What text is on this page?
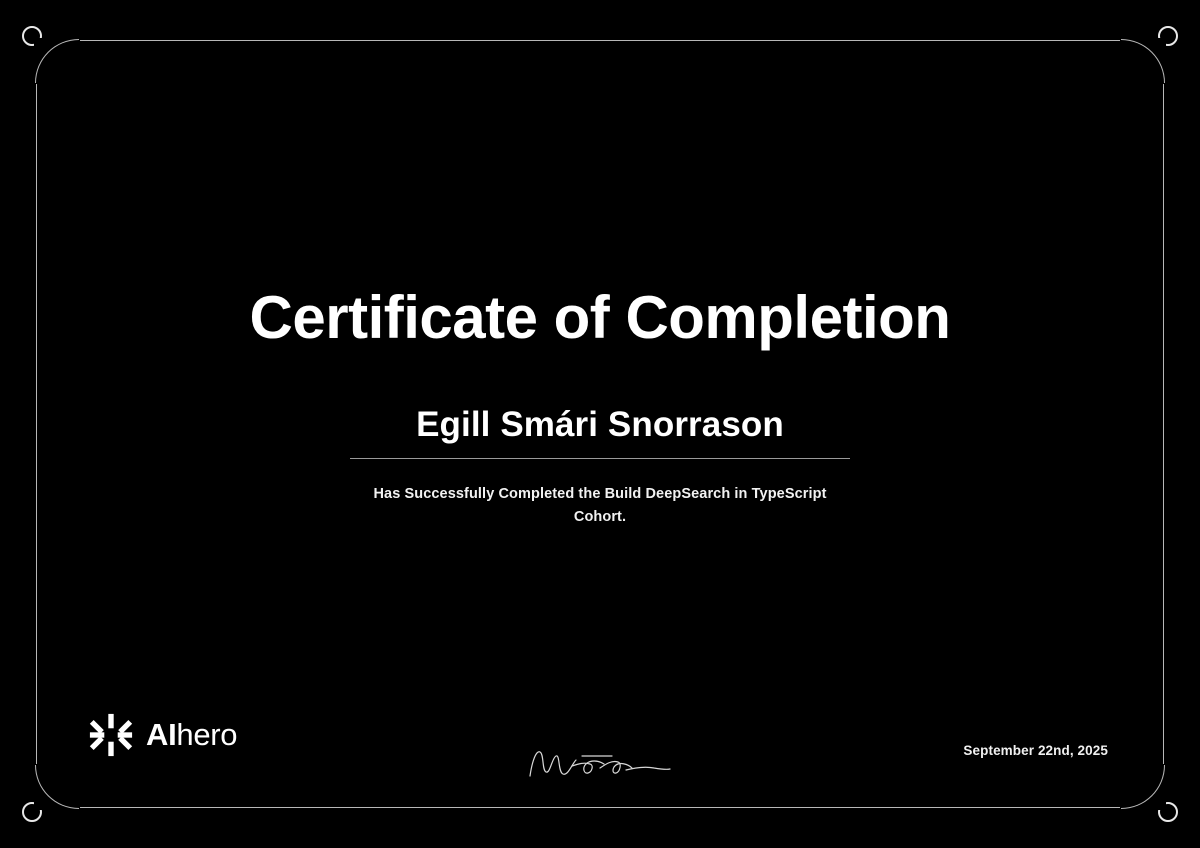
Certificate of Completion
Egill Smári Snorrason
Has Successfully Completed the Build DeepSearch in TypeScript Cohort.
AIhero	September 22nd, 2025
